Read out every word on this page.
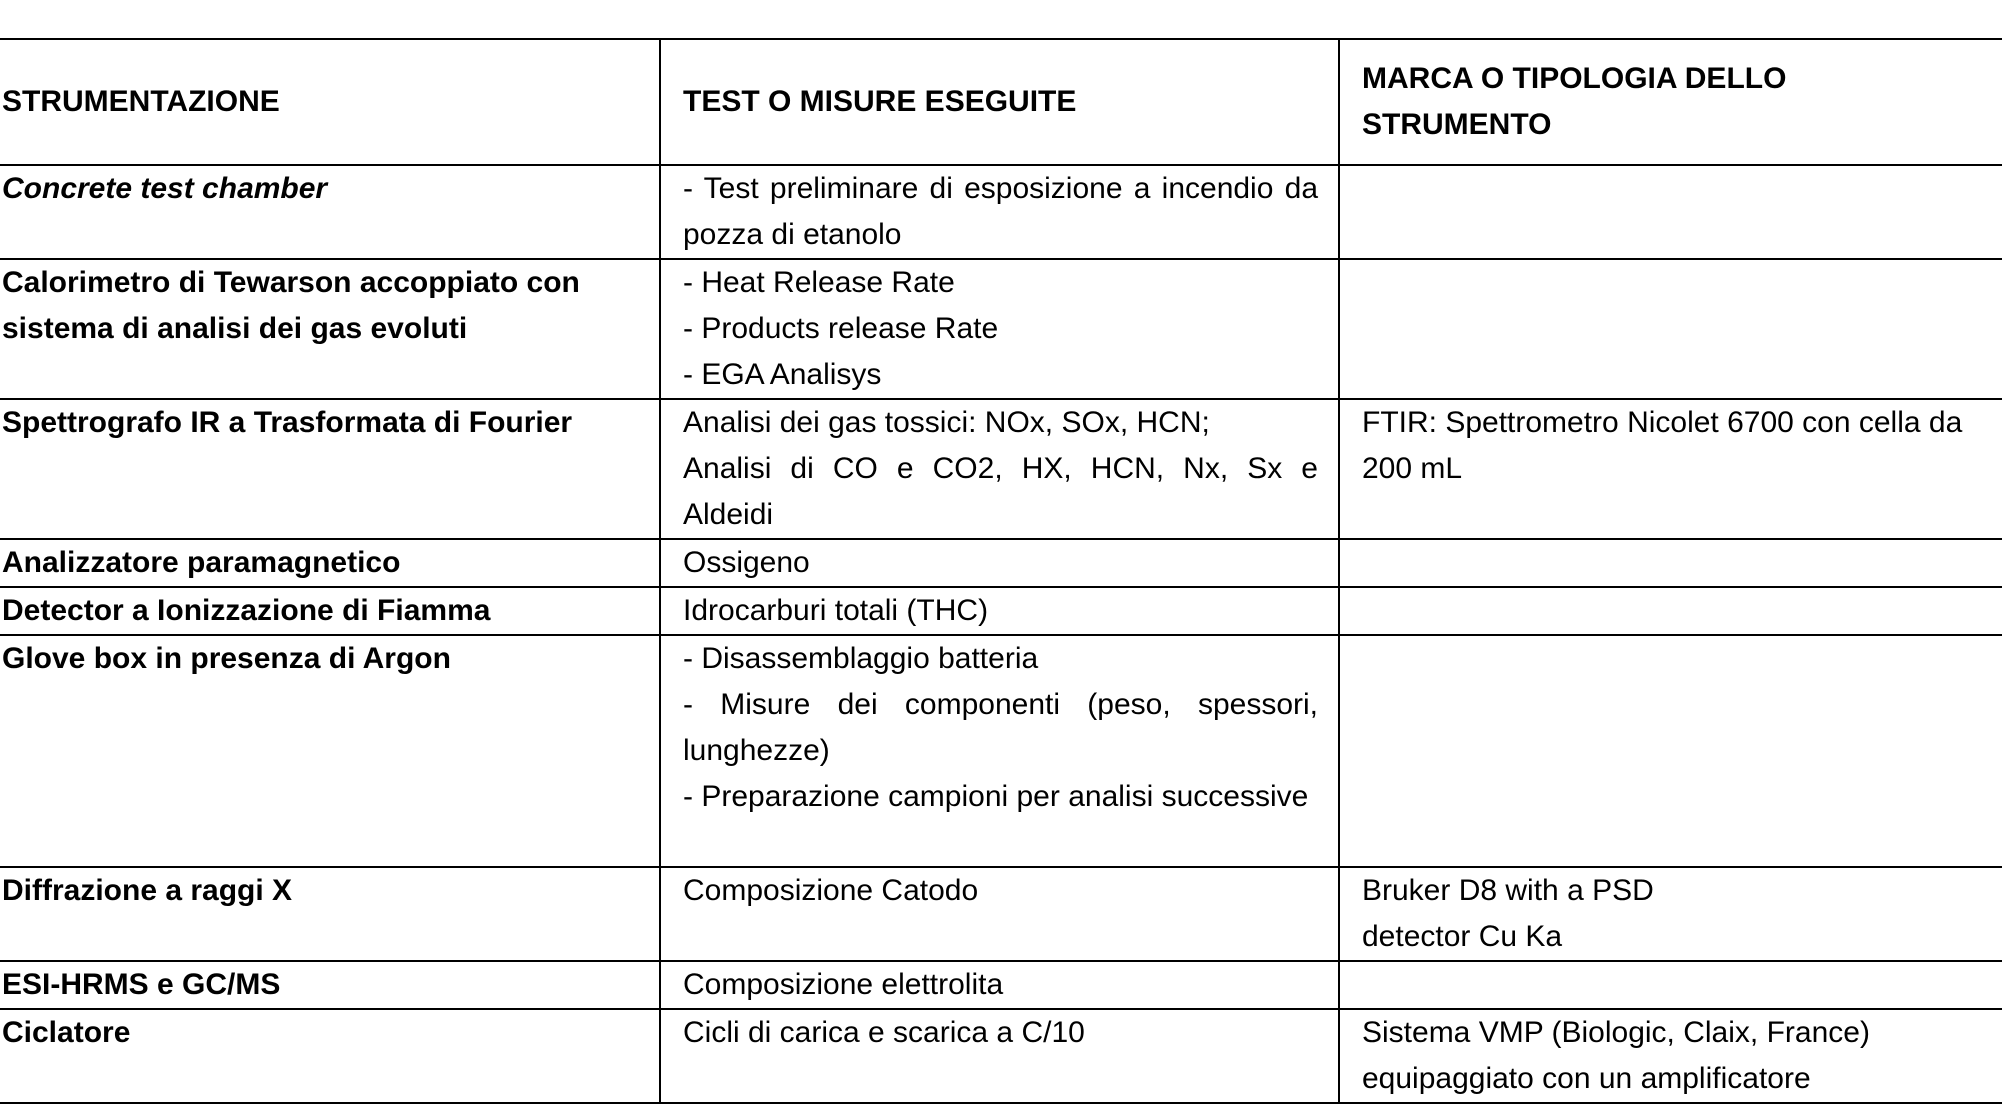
STRUMENTAZIONE	TEST O MISURE ESEGUITE	MARCA O TIPOLOGIA DELLO STRUMENTO
Concrete test chamber	- Test preliminare di esposizione a incendio da pozza di etanolo	

Calorimetro di Tewarson accoppiato con sistema di analisi dei gas evoluti	- Heat Release Rate
- Products release Rate
- EGA Analisys	

Spettrografo IR a Trasformata di Fourier	Analisi dei gas tossici: NOx, SOx, HCN;
Analisi di CO e CO2, HX, HCN, Nx, Sx e Aldeidi	FTIR: Spettrometro Nicolet 6700 con cella da 200 mL
Analizzatore paramagnetico	Ossigeno	

Detector a Ionizzazione di Fiamma	Idrocarburi totali (THC)	

Glove box in presenza di Argon	- Disassemblaggio batteria
- Misure dei componenti (peso, spessori, lunghezze)
- Preparazione campioni per analisi successive	

Diffrazione a raggi X	Composizione Catodo	Bruker D8 with a PSD
detector Cu Ka

ESI-HRMS e GC/MS	Composizione elettrolita	

Ciclatore	Cicli di carica e scarica a C/10	Sistema VMP (Biologic, Claix, France) equipaggiato con un amplificatore
